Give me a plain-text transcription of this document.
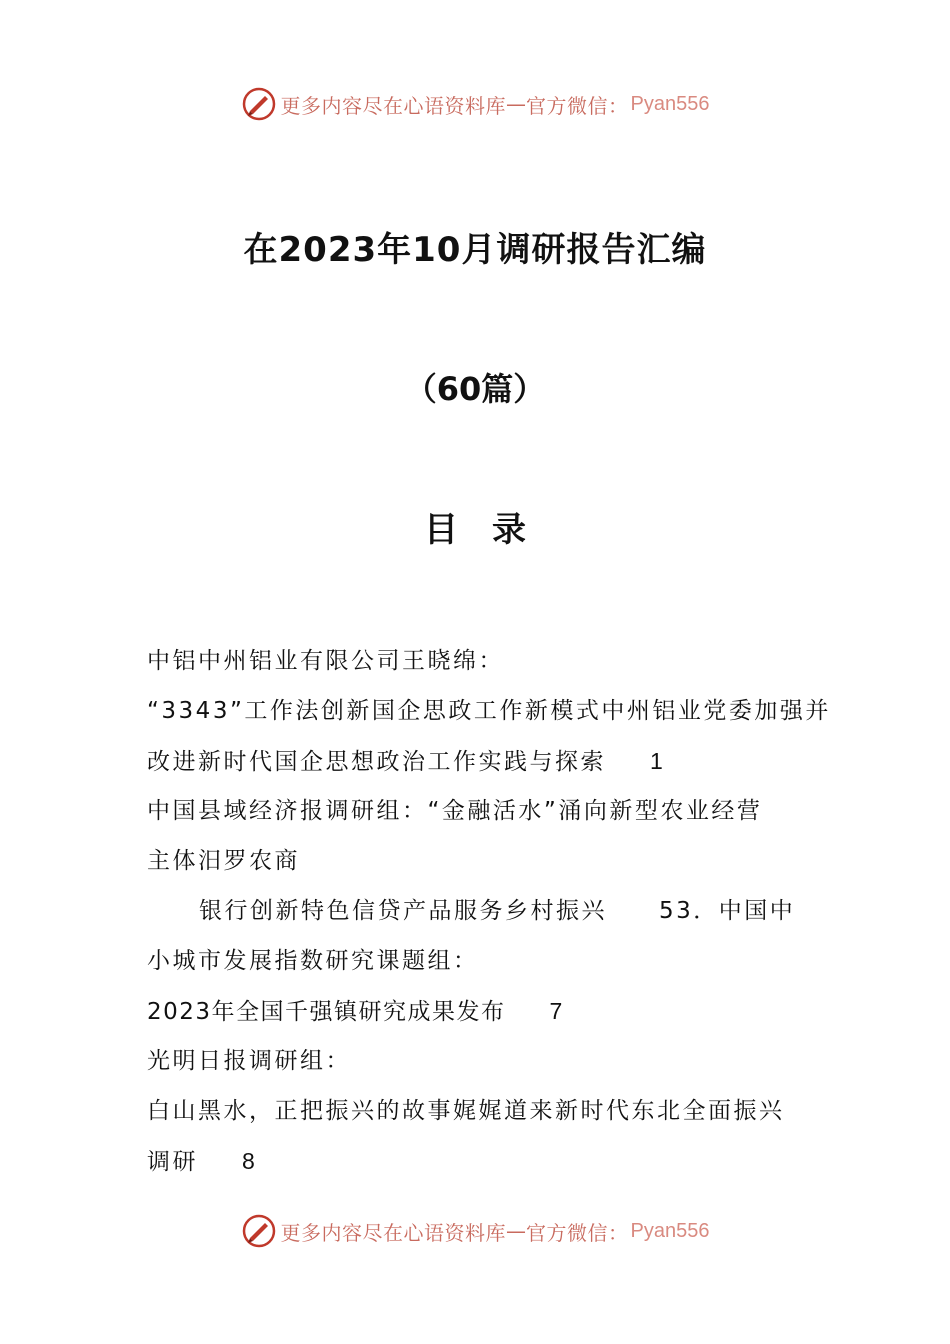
更多内容尽在心语资料库 — 官方微信： Pyan556
在2023年10月调研报告汇编
（60篇）
目录
中铝中州铝业有限公司王晓绵：
“3343”工作法创新国企思政工作新模式中州铝业党委加强并
改进新时代国企思想政治工作实践与探索 1
中国县域经济报调研组：“金融活水”涌向新型农业经营
主体汨罗农商
银行创新特色信贷产品服务乡村振兴 53．中国中
小城市发展指数研究课题组：
2023年全国千强镇研究成果发布 7
光明日报调研组：
白山黑水，正把振兴的故事娓娓道来新时代东北全面振兴
调研 8
更多内容尽在心语资料库 — 官方微信： Pyan556
